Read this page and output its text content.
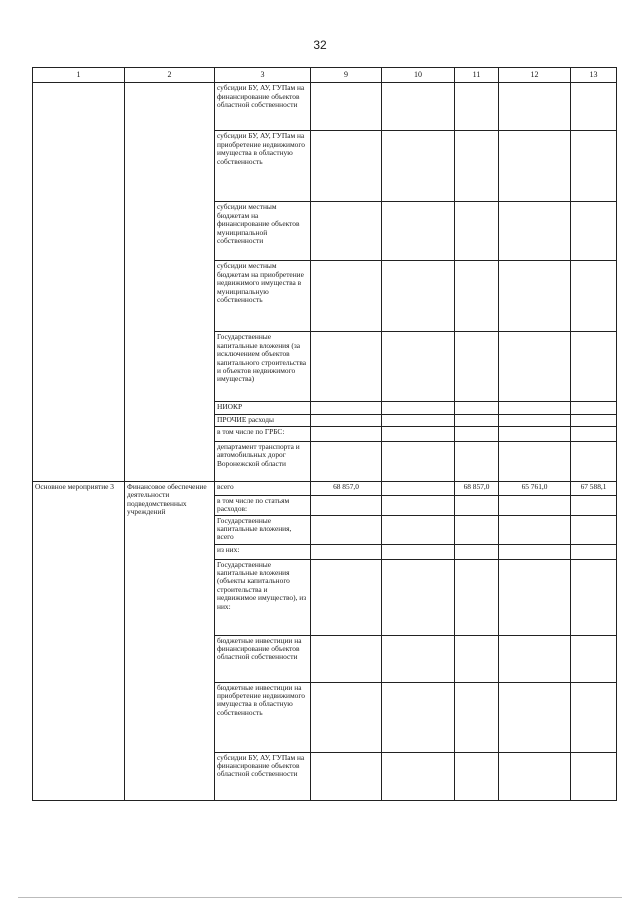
32
1	2	3	9	10	11	12	13
		субсидии БУ, АУ, ГУПам на финансирование объектов областной собственности					
		субсидии БУ, АУ, ГУПам на приобретение недвижимого имущества в областную собственность					
		субсидии местным бюджетам на финансирование объектов муниципальной собственности					
		субсидии местным бюджетам на приобретение недвижимого имущества в муниципальную собственность					
		Государственные капитальные вложения (за исключением объектов капитального строительства и объектов недвижимого имущества)					
		НИОКР					
		ПРОЧИЕ расходы					
		в том числе по ГРБС:					
		департамент транспорта и автомобильных дорог Воронежской области					
Основное мероприятие 3	Финансовое обеспечение деятельности подведомственных учреждений	всего	68 857,0		68 857,0	65 761,0	67 588,1
		в том числе по статьям расходов:					
		Государственные капитальные вложения, всего					
		из них:					
		Государственные капитальные вложения (объекты капитального строительства и недвижимое имущество), из них:					
		бюджетные инвестиции на финансирование объектов областной собственности					
		бюджетные инвестиции на приобретение недвижимого имущества в областную собственность					
		субсидии БУ, АУ, ГУПам на финансирование объектов областной собственности					
